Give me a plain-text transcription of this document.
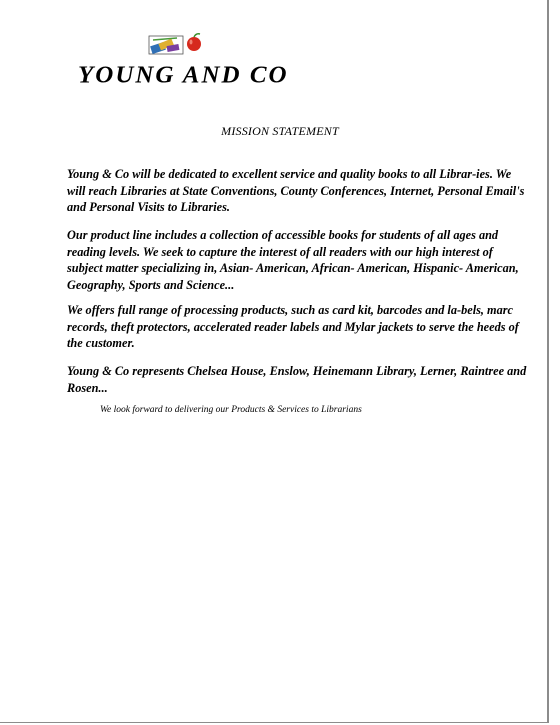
YOUNG AND CO
MISSION STATEMENT
Young & Co will be dedicated to excellent service and quality books to all Librar-ies. We will reach Libraries at State Conventions, County Conferences, Internet, Personal Email's and Personal Visits to Libraries.
Our product line includes a collection of accessible books for students of all ages and reading levels. We seek to capture the interest of all readers with our high interest of subject matter specializing in, Asian- American, African- American, Hispanic- American, Geography, Sports and Science...
We offers full range of processing products, such as card kit, barcodes and la-bels, marc records, theft protectors, accelerated reader labels and Mylar jackets to serve the heeds of the customer.
Young & Co represents Chelsea House, Enslow, Heinemann Library, Lerner, Raintree and Rosen...
We look forward to delivering our Products & Services to Librarians
